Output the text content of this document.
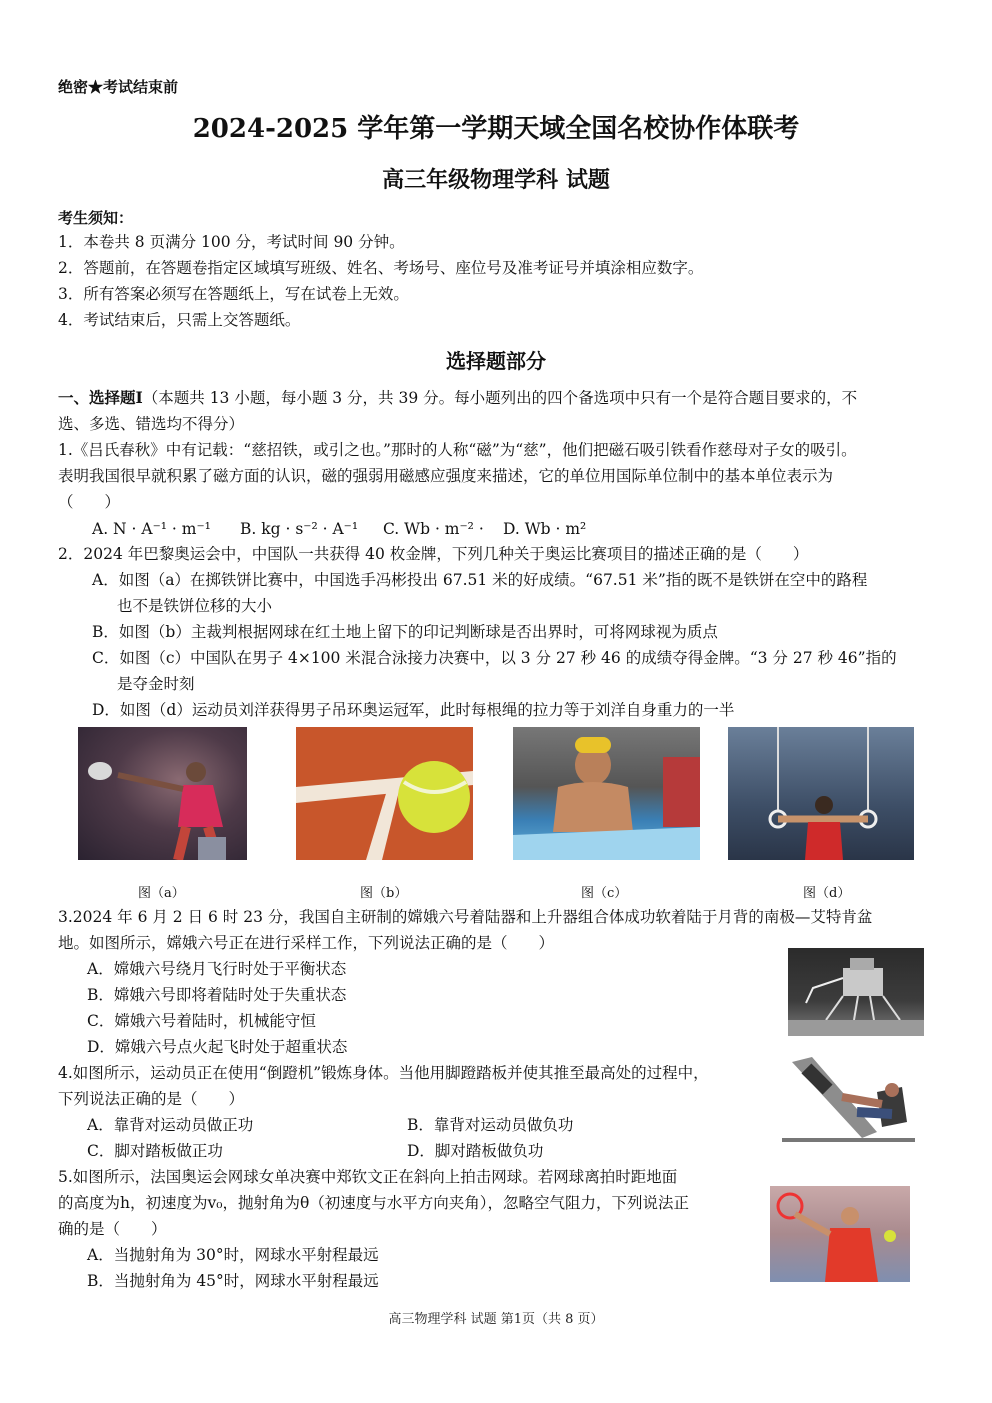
绝密★考试结束前
2024-2025 学年第一学期天域全国名校协作体联考
高三年级物理学科 试题
考生须知：
1．本卷共 8 页满分 100 分，考试时间 90 分钟。
2．答题前，在答题卷指定区域填写班级、姓名、考场号、座位号及准考证号并填涂相应数字。
3．所有答案必须写在答题纸上，写在试卷上无效。
4．考试结束后，只需上交答题纸。
选择题部分
一、选择题Ⅰ（本题共 13 小题，每小题 3 分，共 39 分。每小题列出的四个备选项中只有一个是符合题目要求的，不
选、多选、错选均不得分）
1.《吕氏春秋》中有记载：“慈招铁，或引之也。”那时的人称“磁”为“慈”，他们把磁石吸引铁看作慈母对子女的吸引。
表明我国很早就积累了磁方面的认识，磁的强弱用磁感应强度来描述，它的单位用国际单位制中的基本单位表示为
（　　）
A. N · A⁻¹ · m⁻¹ B. kg · s⁻² · A⁻¹ C. Wb · m⁻² · D. Wb · m²
2．2024 年巴黎奥运会中，中国队一共获得 40 枚金牌，下列几种关于奥运比赛项目的描述正确的是（　　）
A．如图（a）在掷铁饼比赛中，中国选手冯彬投出 67.51 米的好成绩。“67.51 米”指的既不是铁饼在空中的路程
也不是铁饼位移的大小
B．如图（b）主裁判根据网球在红土地上留下的印记判断球是否出界时，可将网球视为质点
C．如图（c）中国队在男子 4×100 米混合泳接力决赛中，以 3 分 27 秒 46 的成绩夺得金牌。“3 分 27 秒 46”指的
是夺金时刻
D．如图（d）运动员刘洋获得男子吊环奥运冠军，此时每根绳的拉力等于刘洋自身重力的一半
图（a）	图（b）	图（c）	图（d）
3.2024 年 6 月 2 日 6 时 23 分，我国自主研制的嫦娥六号着陆器和上升器组合体成功软着陆于月背的南极—艾特肯盆
地。如图所示，嫦娥六号正在进行采样工作，下列说法正确的是（　　）
A．嫦娥六号绕月飞行时处于平衡状态
B．嫦娥六号即将着陆时处于失重状态
C．嫦娥六号着陆时，机械能守恒
D．嫦娥六号点火起飞时处于超重状态
4.如图所示，运动员正在使用“倒蹬机”锻炼身体。当他用脚蹬踏板并使其推至最高处的过程中，
下列说法正确的是（　　）
A．靠背对运动员做正功	B．靠背对运动员做负功
C．脚对踏板做正功	D．脚对踏板做负功
5.如图所示，法国奥运会网球女单决赛中郑钦文正在斜向上拍击网球。若网球离拍时距地面
的高度为h，初速度为v₀，抛射角为θ（初速度与水平方向夹角），忽略空气阻力，下列说法正
确的是（　　）
A．当抛射角为 30°时，网球水平射程最远
B．当抛射角为 45°时，网球水平射程最远
高三物理学科 试题 第1页（共 8 页）
